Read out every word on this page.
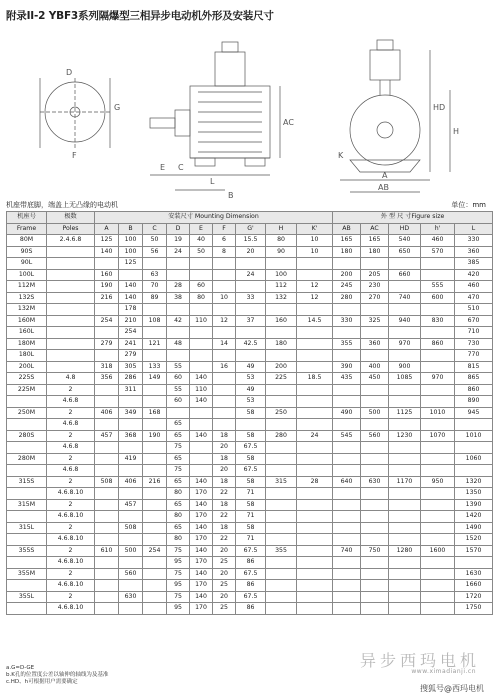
附录II-2 YBF3系列隔爆型三相异步电动机外形及安装尺寸
D
G
F
L
C
E
B
AC
HD
H
K
A
AB
机座带底脚，端盖上无凸缘的电动机	单位：mm
机座号	极数	安装尺寸 Mounting Dimension									外 型 尺 寸Figure size				
Frame	Poles	A	B	C	D	E	F	G'	H	K'	AB	AC	HD	h'	L
80M	2.4.6.8	125	100	50	19	40	6	15.5	80	10	165	165	540	460	330
90S		140	100	56	24	50	8	20	90	10	180	180	650	570	360
90L			125												385
100L		160		63				24	100		200	205	660		420
112M		190	140	70	28	60			112	12	245	230		555	460
132S		216	140	89	38	80	10	33	132	12	280	270	740	600	470
132M			178												510
160M		254	210	108	42	110	12	37	160	14.5	330	325	940	830	670
160L			254												710
180M		279	241	121	48		14	42.5	180		355	360	970	860	730
180L			279												770
200L		318	305	133	55		16	49	200		390	400	900		815
225S	4.8	356	286	149	60	140		53	225	18.5	435	450	1085	970	865
225M	2		311		55	110		49							860
	4.6.8				60	140		53							890
250M	2	406	349	168				58	250		490	500	1125	1010	945
	4.6.8				65										
280S	2	457	368	190	65	140	18	58	280	24	545	560	1230	1070	1010
	4.6.8				75		20	67.5							
280M	2		419		65		18	58							1060
	4.6.8				75		20	67.5							
315S	2	508	406	216	65	140	18	58	315	28	640	630	1170	950	1320
	4.6.8.10				80	170	22	71							1350
315M	2		457		65	140	18	58							1390
	4.6.8.10				80	170	22	71							1420
315L	2		508		65	140	18	58							1490
	4.6.8.10				80	170	22	71							1520
355S	2	610	500	254	75	140	20	67.5	355		740	750	1280	1600	1570
	4.6.8.10				95	170	25	86							
355M	2		560		75	140	20	67.5							1630
	4.6.8.10				95	170	25	86							1660
355L	2		630		75	140	20	67.5							1720
	4.6.8.10				95	170	25	86							1750
a.G=D-GE
b.K孔的位置度公差以轴伸的轴线为及基准
c.HD、h可根据用户需要确定
异步西玛电机
www.ximadianji.cn
搜狐号@西玛电机
